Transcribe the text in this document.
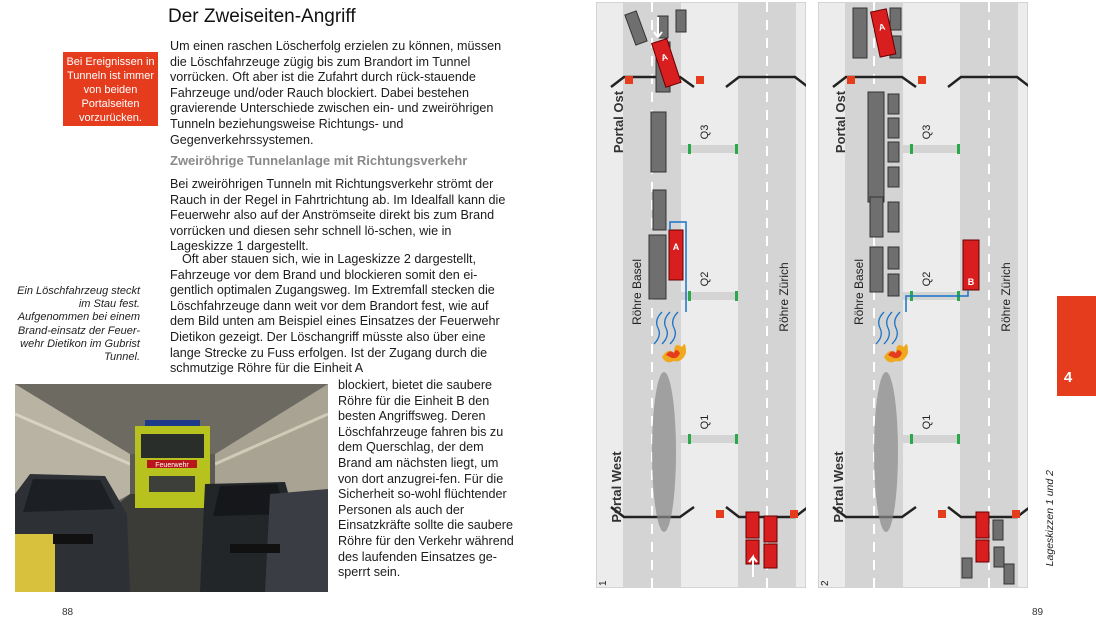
Der Zweiseiten-Angriff
Bei Ereignissen in Tunneln ist immer von beiden Portalseiten vorzurücken.
Um einen raschen Löscherfolg erzielen zu können, müssen die Löschfahrzeuge zügig bis zum Brandort im Tunnel vorrücken. Oft aber ist die Zufahrt durch rück-stauende Fahrzeuge und/oder Rauch blockiert. Dabei bestehen gravierende Unterschiede zwischen ein- und zweiröhrigen Tunneln beziehungsweise Richtungs- und Gegenverkehrssystemen.
Zweiröhrige Tunnelanlage mit Richtungsverkehr
Bei zweiröhrigen Tunneln mit Richtungsverkehr strömt der Rauch in der Regel in Fahrtrichtung ab. Im Idealfall kann die Feuerwehr also auf der Anströmseite direkt bis zum Brand vorrücken und diesen sehr schnell lö-schen, wie in Lageskizze 1 dargestellt.
Oft aber stauen sich, wie in Lageskizze 2 dargestellt, Fahrzeuge vor dem Brand und blockieren somit den ei-gentlich optimalen Zugangsweg. Im Extremfall stecken die Löschfahrzeuge dann weit vor dem Brandort fest, wie auf dem Bild unten am Beispiel eines Einsatzes der Feuerwehr Dietikon gezeigt. Der Löschangriff müsste also über eine lange Strecke zu Fuss erfolgen. Ist der Zugang durch die schmutzige Röhre für die Einheit A
blockiert, bietet die saubere Röhre für die Einheit B den besten Angriffsweg. Deren Löschfahrzeuge fahren bis zu dem Querschlag, der dem Brand am nächsten liegt, um von dort anzugrei-fen. Für die Sicherheit so-wohl flüchtender Personen als auch der Einsatzkräfte sollte die saubere Röhre für den Verkehr während des laufenden Einsatzes ge-sperrt sein.
Ein Löschfahrzeug steckt im Stau fest. Aufgenommen bei einem Brand-einsatz der Feuer-wehr Dietikon im Gubrist Tunnel.
Feuerwehr
88
A
A
Portal Ost
Portal West
Röhre Basel	Röhre Zürich
Q3
Q2
Q1
1
A
B
Portal Ost
Portal West
Röhre Basel	Röhre Zürich
Q3
Q2
Q1
2
Lageskizzen 1 und 2
4
89
